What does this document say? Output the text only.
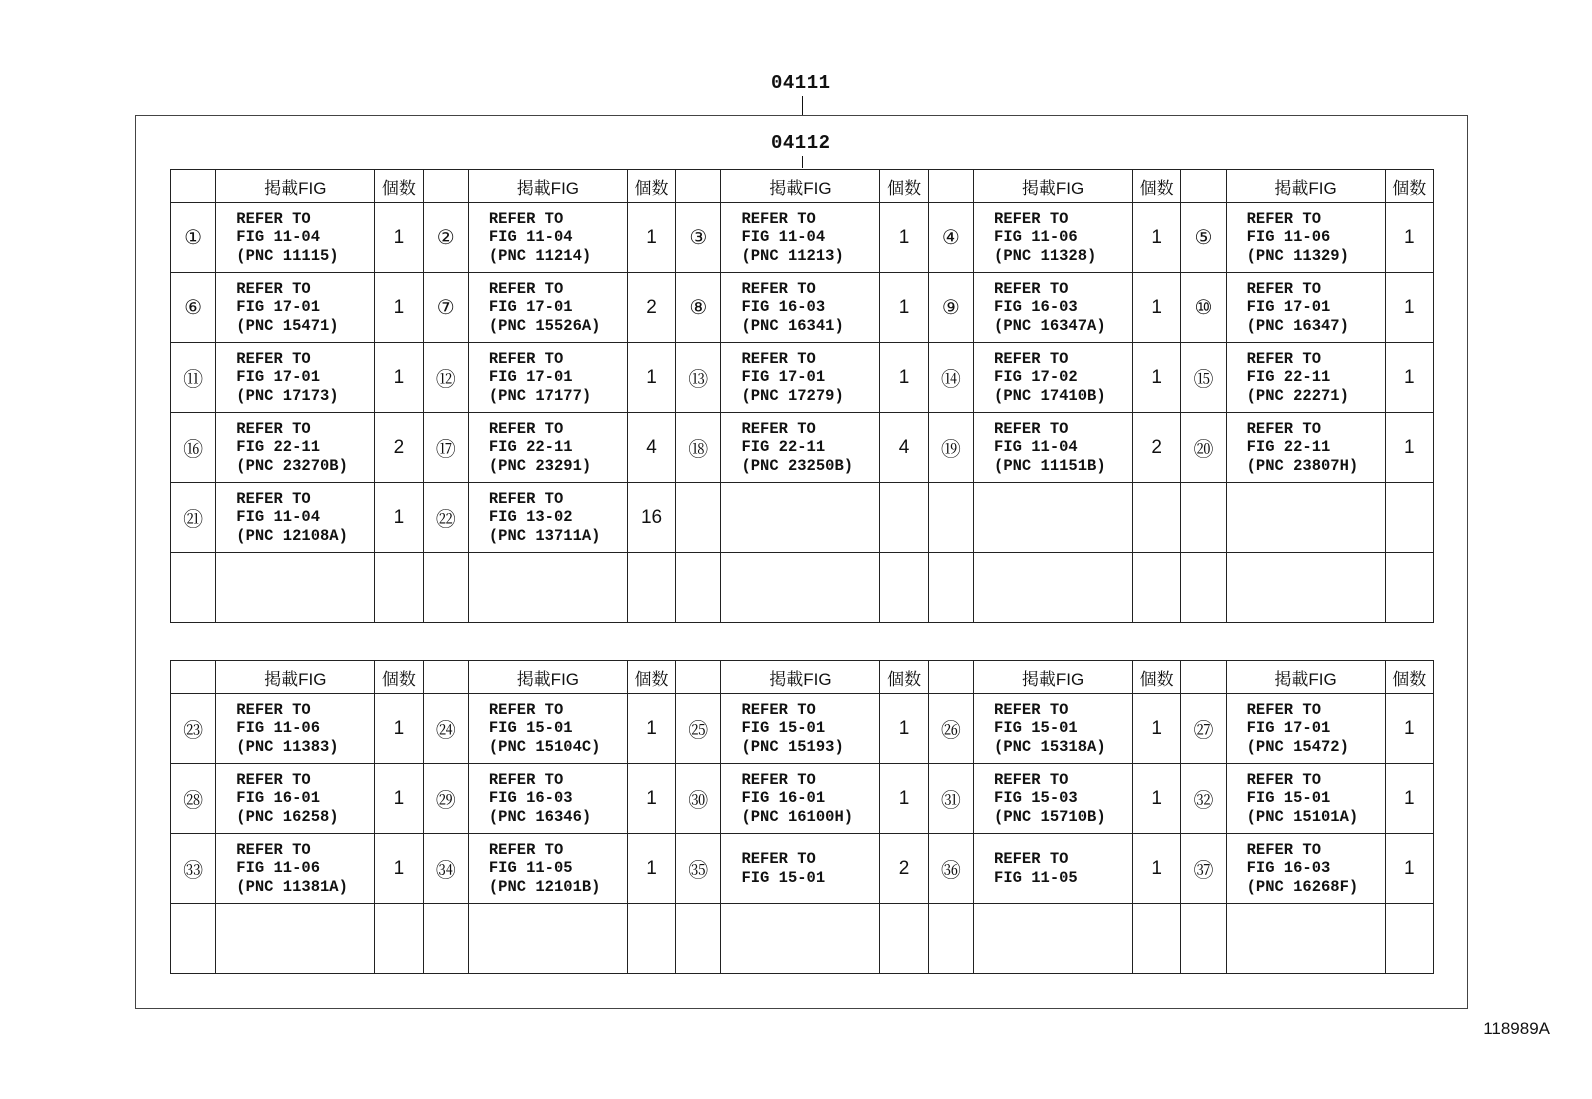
04111
04112
	掲載FIG	個数		掲載FIG	個数		掲載FIG	個数		掲載FIG	個数		掲載FIG	個数
①	REFER TO
FIG 11-04
(PNC 11115)	1	②	REFER TO
FIG 11-04
(PNC 11214)	1	③	REFER TO
FIG 11-04
(PNC 11213)	1	④	REFER TO
FIG 11-06
(PNC 11328)	1	⑤	REFER TO
FIG 11-06
(PNC 11329)	1
⑥	REFER TO
FIG 17-01
(PNC 15471)	1	⑦	REFER TO
FIG 17-01
(PNC 15526A)	2	⑧	REFER TO
FIG 16-03
(PNC 16341)	1	⑨	REFER TO
FIG 16-03
(PNC 16347A)	1	⑩	REFER TO
FIG 17-01
(PNC 16347)	1
⑪	REFER TO
FIG 17-01
(PNC 17173)	1	⑫	REFER TO
FIG 17-01
(PNC 17177)	1	⑬	REFER TO
FIG 17-01
(PNC 17279)	1	⑭	REFER TO
FIG 17-02
(PNC 17410B)	1	⑮	REFER TO
FIG 22-11
(PNC 22271)	1
⑯	REFER TO
FIG 22-11
(PNC 23270B)	2	⑰	REFER TO
FIG 22-11
(PNC 23291)	4	⑱	REFER TO
FIG 22-11
(PNC 23250B)	4	⑲	REFER TO
FIG 11-04
(PNC 11151B)	2	⑳	REFER TO
FIG 22-11
(PNC 23807H)	1
㉑	REFER TO
FIG 11-04
(PNC 12108A)	1	㉒	REFER TO
FIG 13-02
(PNC 13711A)	16									

	掲載FIG	個数		掲載FIG	個数		掲載FIG	個数		掲載FIG	個数		掲載FIG	個数
㉓	REFER TO
FIG 11-06
(PNC 11383)	1	㉔	REFER TO
FIG 15-01
(PNC 15104C)	1	㉕	REFER TO
FIG 15-01
(PNC 15193)	1	㉖	REFER TO
FIG 15-01
(PNC 15318A)	1	㉗	REFER TO
FIG 17-01
(PNC 15472)	1
㉘	REFER TO
FIG 16-01
(PNC 16258)	1	㉙	REFER TO
FIG 16-03
(PNC 16346)	1	㉚	REFER TO
FIG 16-01
(PNC 16100H)	1	㉛	REFER TO
FIG 15-03
(PNC 15710B)	1	㉜	REFER TO
FIG 15-01
(PNC 15101A)	1
㉝	REFER TO
FIG 11-06
(PNC 11381A)	1	㉞	REFER TO
FIG 11-05
(PNC 12101B)	1	㉟	REFER TO
FIG 15-01	2	㊱	REFER TO
FIG 11-05	1	㊲	REFER TO
FIG 16-03
(PNC 16268F)	1

118989A
